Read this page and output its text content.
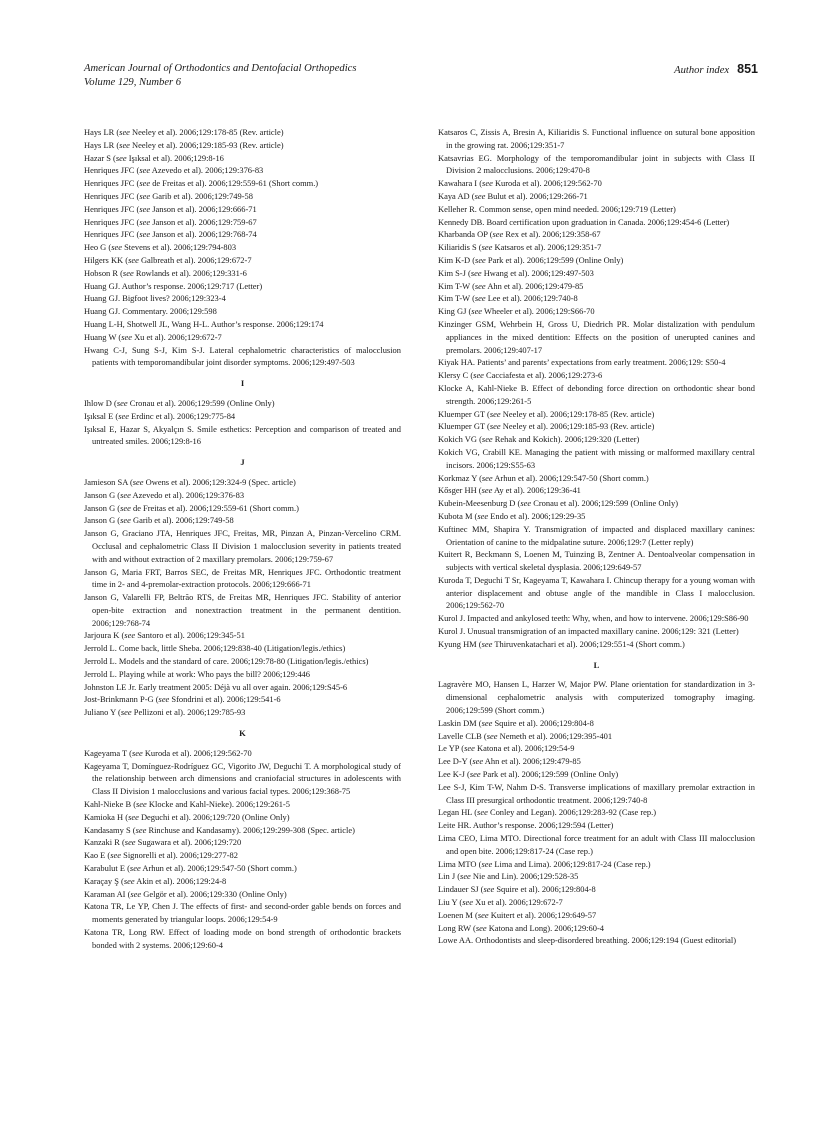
American Journal of Orthodontics and Dentofacial Orthopedics
Volume 129, Number 6
Author index 851
Hays LR (see Neeley et al). 2006;129:178-85 (Rev. article)
Hays LR (see Neeley et al). 2006;129:185-93 (Rev. article)
Hazar S (see Işıksal et al). 2006;129:8-16
Henriques JFC (see Azevedo et al). 2006;129:376-83
Henriques JFC (see de Freitas et al). 2006;129:559-61 (Short comm.)
Henriques JFC (see Garib et al). 2006;129:749-58
Henriques JFC (see Janson et al). 2006;129:666-71
Henriques JFC (see Janson et al). 2006;129:759-67
Henriques JFC (see Janson et al). 2006;129:768-74
Heo G (see Stevens et al). 2006;129:794-803
Hilgers KK (see Galbreath et al). 2006;129:672-7
Hobson R (see Rowlands et al). 2006;129:331-6
Huang GJ. Author’s response. 2006;129:717 (Letter)
Huang GJ. Bigfoot lives? 2006;129:323-4
Huang GJ. Commentary. 2006;129:598
Huang L-H, Shotwell JL, Wang H-L. Author’s response. 2006;129:174
Huang W (see Xu et al). 2006;129:672-7
Hwang C-J, Sung S-J, Kim S-J. Lateral cephalometric characteristics of malocclusion patients with temporomandibular joint disorder symptoms. 2006;129:497-503
I
Ihlow D (see Cronau et al). 2006;129:599 (Online Only)
Işıksal E (see Erdinc et al). 2006;129:775-84
Işıksal E, Hazar S, Akyalçın S. Smile esthetics: Perception and comparison of treated and untreated smiles. 2006;129:8-16
J
Jamieson SA (see Owens et al). 2006;129:324-9 (Spec. article)
Janson G (see Azevedo et al). 2006;129:376-83
Janson G (see de Freitas et al). 2006;129:559-61 (Short comm.)
Janson G (see Garib et al). 2006;129:749-58
Janson G, Graciano JTA, Henriques JFC, Freitas, MR, Pinzan A, Pinzan-Vercelino CRM. Occlusal and cephalometric Class II Division 1 malocclusion severity in patients treated with and without extraction of 2 maxillary premolars. 2006;129:759-67
Janson G, Maria FRT, Barros SEC, de Freitas MR, Henriques JFC. Orthodontic treatment time in 2- and 4-premolar-extraction protocols. 2006;129:666-71
Janson G, Valarelli FP, Beltrão RTS, de Freitas MR, Henriques JFC. Stability of anterior open-bite extraction and nonextraction treatment in the permanent dentition. 2006;129:768-74
Jarjoura K (see Santoro et al). 2006;129:345-51
Jerrold L. Come back, little Sheba. 2006;129:838-40 (Litigation/legis./ethics)
Jerrold L. Models and the standard of care. 2006;129:78-80 (Litigation/legis./ethics)
Jerrold L. Playing while at work: Who pays the bill? 2006;129:446
Johnston LE Jr. Early treatment 2005: Déjà vu all over again. 2006;129:S45-6
Jost-Brinkmann P-G (see Sfondrini et al). 2006;129:541-6
Juliano Y (see Pellizoni et al). 2006;129:785-93
K
Kageyama T (see Kuroda et al). 2006;129:562-70
Kageyama T, Domínguez-Rodríguez GC, Vigorito JW, Deguchi T. A morphological study of the relationship between arch dimensions and craniofacial structures in adolescents with Class II Division 1 malocclusions and various facial types. 2006;129:368-75
Kahl-Nieke B (see Klocke and Kahl-Nieke). 2006;129:261-5
Kamioka H (see Deguchi et al). 2006;129:720 (Online Only)
Kandasamy S (see Rinchuse and Kandasamy). 2006;129:299-308 (Spec. article)
Kanzaki R (see Sugawara et al). 2006;129:720
Kao E (see Signorelli et al). 2006;129:277-82
Karabulut E (see Arhun et al). 2006;129:547-50 (Short comm.)
Karaçay Ş (see Akin et al). 2006;129:24-8
Karaman AI (see Gelgör et al). 2006;129:330 (Online Only)
Katona TR, Le YP, Chen J. The effects of first- and second-order gable bends on forces and moments generated by triangular loops. 2006;129:54-9
Katona TR, Long RW. Effect of loading mode on bond strength of orthodontic brackets bonded with 2 systems. 2006;129:60-4
Katsaros C, Zissis A, Bresin A, Kiliaridis S. Functional influence on sutural bone apposition in the growing rat. 2006;129:351-7
Katsavrias EG. Morphology of the temporomandibular joint in subjects with Class II Division 2 malocclusions. 2006;129:470-8
Kawahara I (see Kuroda et al). 2006;129:562-70
Kaya AD (see Bulut et al). 2006;129:266-71
Kelleher R. Common sense, open mind needed. 2006;129:719 (Letter)
Kennedy DB. Board certification upon graduation in Canada. 2006;129:454-6 (Letter)
Kharbanda OP (see Rex et al). 2006;129:358-67
Kiliaridis S (see Katsaros et al). 2006;129:351-7
Kim K-D (see Park et al). 2006;129:599 (Online Only)
Kim S-J (see Hwang et al). 2006;129:497-503
Kim T-W (see Ahn et al). 2006;129:479-85
Kim T-W (see Lee et al). 2006;129:740-8
King GJ (see Wheeler et al). 2006;129:S66-70
Kinzinger GSM, Wehrbein H, Gross U, Diedrich PR. Molar distalization with pendulum appliances in the mixed dentition: Effects on the position of unerupted canines and premolars. 2006;129:407-17
Kiyak HA. Patients’ and parents’ expectations from early treatment. 2006;129: S50-4
Klersy C (see Cacciafesta et al). 2006;129:273-6
Klocke A, Kahl-Nieke B. Effect of debonding force direction on orthodontic shear bond strength. 2006;129:261-5
Kluemper GT (see Neeley et al). 2006;129:178-85 (Rev. article)
Kluemper GT (see Neeley et al). 2006;129:185-93 (Rev. article)
Kokich VG (see Rehak and Kokich). 2006;129:320 (Letter)
Kokich VG, Crabill KE. Managing the patient with missing or malformed maxillary central incisors. 2006;129:S55-63
Korkmaz Y (see Arhun et al). 2006;129:547-50 (Short comm.)
Kősger HH (see Ay et al). 2006;129:36-41
Kubein-Meesenburg D (see Cronau et al). 2006;129:599 (Online Only)
Kubota M (see Endo et al). 2006;129:29-35
Kuftinec MM, Shapira Y. Transmigration of impacted and displaced maxillary canines: Orientation of canine to the midpalatine suture. 2006;129:7 (Letter reply)
Kuitert R, Beckmann S, Loenen M, Tuinzing B, Zentner A. Dentoalveolar compensation in subjects with vertical skeletal dysplasia. 2006;129:649-57
Kuroda T, Deguchi T Sr, Kageyama T, Kawahara I. Chincup therapy for a young woman with anterior displacement and obtuse angle of the mandible in Class I malocclusion. 2006;129:562-70
Kurol J. Impacted and ankylosed teeth: Why, when, and how to intervene. 2006;129:S86-90
Kurol J. Unusual transmigration of an impacted maxillary canine. 2006;129: 321 (Letter)
Kyung HM (see Thiruvenkatachari et al). 2006;129:551-4 (Short comm.)
L
Lagravère MO, Hansen L, Harzer W, Major PW. Plane orientation for standardization in 3-dimensional cephalometric analysis with computerized tomography imaging. 2006;129:599 (Short comm.)
Laskin DM (see Squire et al). 2006;129:804-8
Lavelle CLB (see Nemeth et al). 2006;129:395-401
Le YP (see Katona et al). 2006;129:54-9
Lee D-Y (see Ahn et al). 2006;129:479-85
Lee K-J (see Park et al). 2006;129:599 (Online Only)
Lee S-J, Kim T-W, Nahm D-S. Transverse implications of maxillary premolar extraction in Class III presurgical orthodontic treatment. 2006;129:740-8
Legan HL (see Conley and Legan). 2006;129:283-92 (Case rep.)
Leite HR. Author’s response. 2006;129:594 (Letter)
Lima CEO, Lima MTO. Directional force treatment for an adult with Class III malocclusion and open bite. 2006;129:817-24 (Case rep.)
Lima MTO (see Lima and Lima). 2006;129:817-24 (Case rep.)
Lin J (see Nie and Lin). 2006;129:528-35
Lindauer SJ (see Squire et al). 2006;129:804-8
Liu Y (see Xu et al). 2006;129:672-7
Loenen M (see Kuitert et al). 2006;129:649-57
Long RW (see Katona and Long). 2006;129:60-4
Lowe AA. Orthodontists and sleep-disordered breathing. 2006;129:194 (Guest editorial)
